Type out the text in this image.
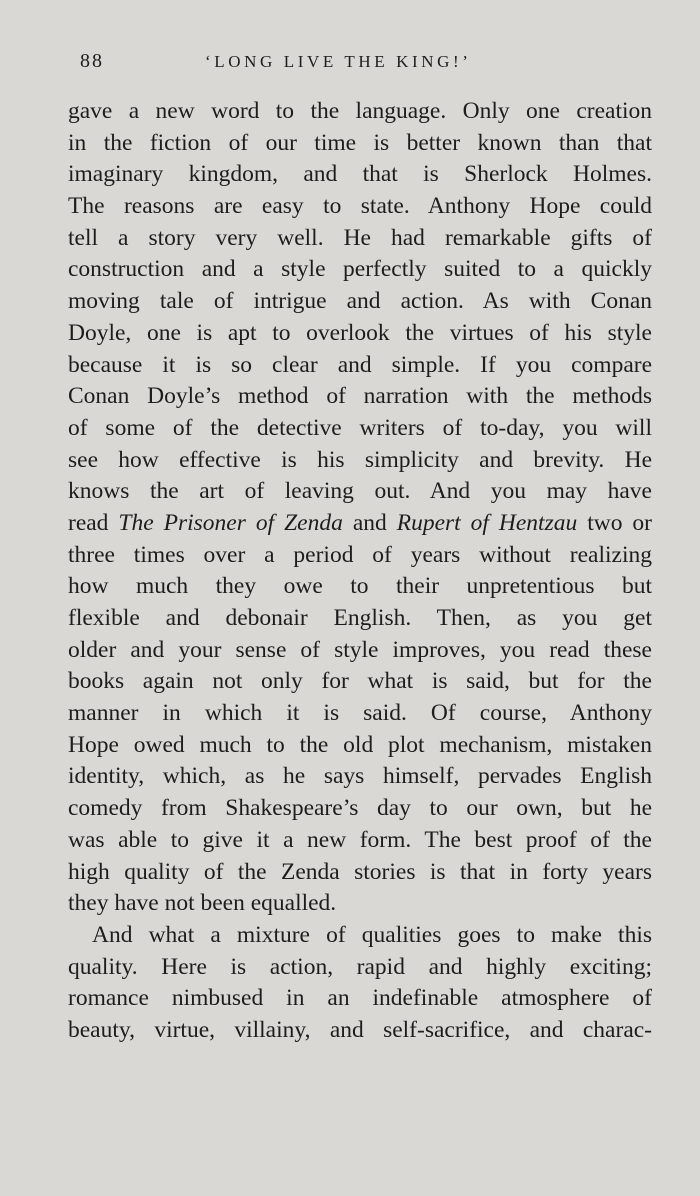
88	‘LONG LIVE THE KING!’
gave a new word to the language. Only one creation
in the fiction of our time is better known than that
imaginary kingdom, and that is Sherlock Holmes.
The reasons are easy to state. Anthony Hope could
tell a story very well. He had remarkable gifts of
construction and a style perfectly suited to a quickly
moving tale of intrigue and action. As with Conan
Doyle, one is apt to overlook the virtues of his style
because it is so clear and simple. If you compare
Conan Doyle’s method of narration with the methods
of some of the detective writers of to-day, you will
see how effective is his simplicity and brevity. He
knows the art of leaving out. And you may have
read The Prisoner of Zenda and Rupert of Hentzau two or
three times over a period of years without realizing
how much they owe to their unpretentious but
flexible and debonair English. Then, as you get
older and your sense of style improves, you read these
books again not only for what is said, but for the
manner in which it is said. Of course, Anthony
Hope owed much to the old plot mechanism, mistaken
identity, which, as he says himself, pervades English
comedy from Shakespeare’s day to our own, but he
was able to give it a new form. The best proof of the
high quality of the Zenda stories is that in forty years
they have not been equalled.
And what a mixture of qualities goes to make this
quality. Here is action, rapid and highly exciting;
romance nimbused in an indefinable atmosphere of
beauty, virtue, villainy, and self-sacrifice, and charac-
